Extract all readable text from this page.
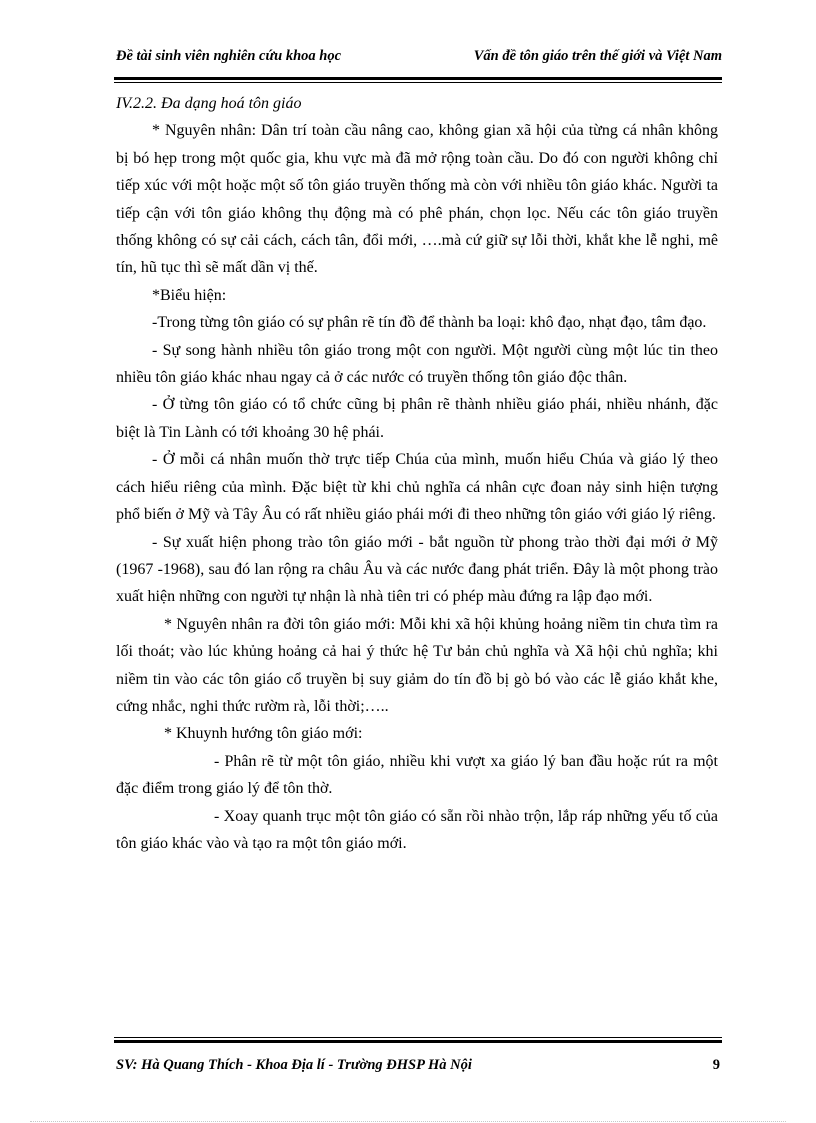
Đề tài sinh viên nghiên cứu khoa học	Vấn đề tôn giáo trên thế giới và Việt Nam

IV.2.2. Đa dạng hoá tôn giáo

* Nguyên nhân: Dân trí toàn cầu nâng cao, không gian xã hội của từng cá nhân không bị bó hẹp trong một quốc gia, khu vực mà đã mở rộng toàn cầu. Do đó con người không chỉ tiếp xúc với một hoặc một số tôn giáo truyền thống mà còn với nhiều tôn giáo khác. Người ta tiếp cận với tôn giáo không thụ động mà có phê phán, chọn lọc. Nếu các tôn giáo truyền thống không có sự cải cách, cách tân, đổi mới, ….mà cứ giữ sự lỗi thời, khắt khe lễ nghi, mê tín, hũ tục thì sẽ mất dần vị thế.

*Biểu hiện:

-Trong từng tôn giáo có sự phân rẽ tín đồ để thành ba loại: khô đạo, nhạt đạo, tâm đạo.

- Sự song hành nhiều tôn giáo trong một con người. Một người cùng một lúc tin theo nhiều tôn giáo khác nhau ngay cả ở các nước có truyền thống tôn giáo độc thân.

- Ở từng tôn giáo có tổ chức cũng bị phân rẽ thành nhiều giáo phái, nhiều nhánh, đặc biệt là Tin Lành có tới khoảng 30 hệ phái.

- Ở mỗi cá nhân muốn thờ trực tiếp Chúa của mình, muốn hiểu Chúa và giáo lý theo cách hiểu riêng của mình. Đặc biệt từ khi chủ nghĩa cá nhân cực đoan nảy sinh hiện tượng phổ biến ở Mỹ và Tây Âu có rất nhiều giáo phái mới đi theo những tôn giáo với giáo lý riêng.

- Sự xuất hiện phong trào tôn giáo mới - bắt nguồn từ phong trào thời đại mới ở Mỹ (1967 -1968), sau đó lan rộng ra châu Âu và các nước đang phát triển. Đây là một phong trào xuất hiện những con người tự nhận là nhà tiên tri có phép màu đứng ra lập đạo mới.

* Nguyên nhân ra đời tôn giáo mới: Mỗi khi xã hội khủng hoảng niềm tin chưa tìm ra lối thoát; vào lúc khủng hoảng cả hai ý thức hệ Tư bản chủ nghĩa và Xã hội chủ nghĩa; khi niềm tin vào các tôn giáo cổ truyền bị suy giảm do tín đồ bị gò bó vào các lễ giáo khắt khe, cứng nhắc, nghi thức rườm rà, lỗi thời;…..

* Khuynh hướng tôn giáo mới:

- Phân rẽ từ một tôn giáo, nhiều khi vượt xa giáo lý ban đầu hoặc rút ra một đặc điểm trong giáo lý để tôn thờ.

- Xoay quanh trục một tôn giáo có sẵn rồi nhào trộn, lắp ráp những yếu tố của tôn giáo khác vào và tạo ra một tôn giáo mới.

SV: Hà Quang Thích - Khoa Địa lí - Trường ĐHSP Hà Nội	9
